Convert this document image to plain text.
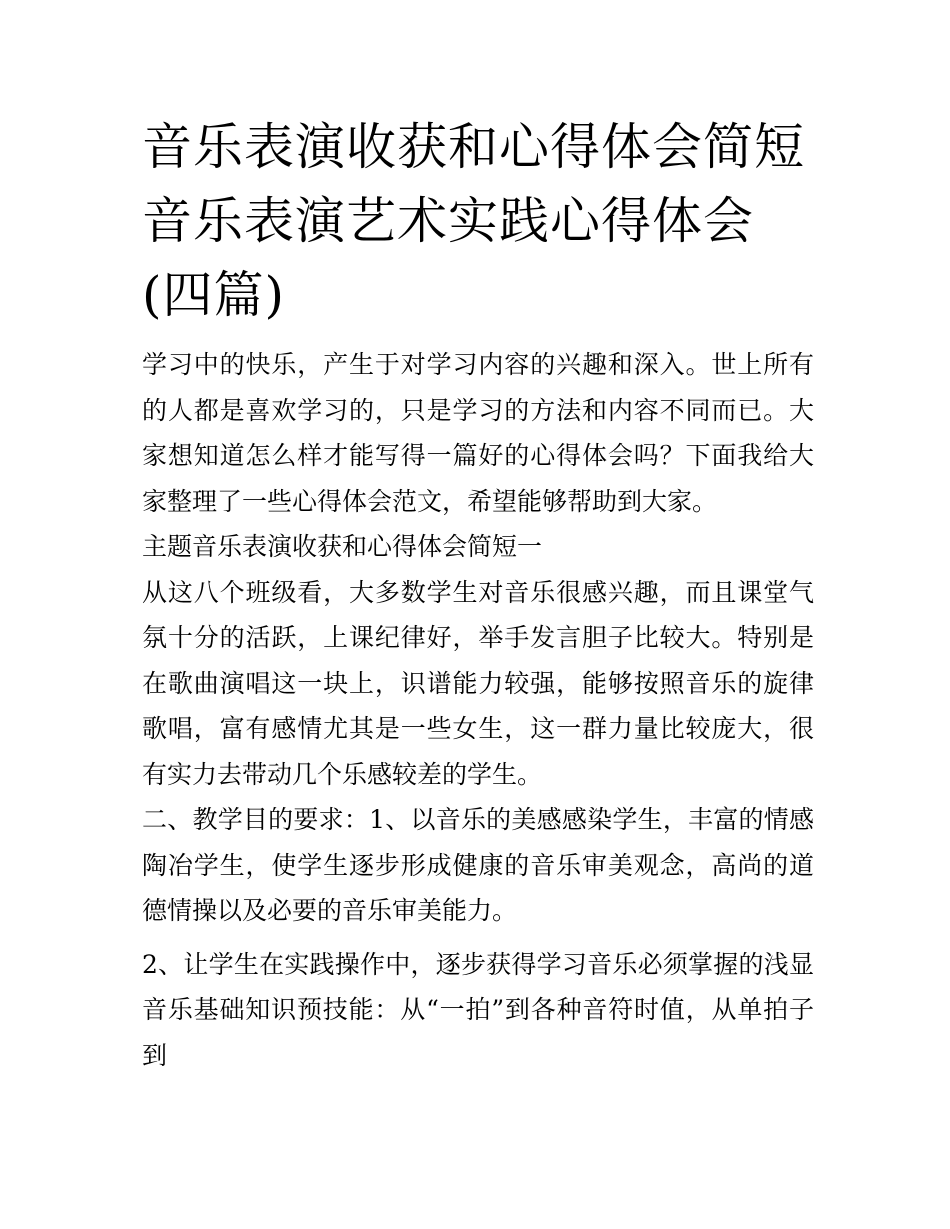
音乐表演收获和心得体会简短音乐表演艺术实践心得体会(四篇)

学习中的快乐，产生于对学习内容的兴趣和深入。世上所有的人都是喜欢学习的，只是学习的方法和内容不同而已。大家想知道怎么样才能写得一篇好的心得体会吗？下面我给大家整理了一些心得体会范文，希望能够帮助到大家。

主题音乐表演收获和心得体会简短一

从这八个班级看，大多数学生对音乐很感兴趣，而且课堂气氛十分的活跃，上课纪律好，举手发言胆子比较大。特别是在歌曲演唱这一块上，识谱能力较强，能够按照音乐的旋律歌唱，富有感情尤其是一些女生，这一群力量比较庞大，很有实力去带动几个乐感较差的学生。

二、教学目的要求：1、以音乐的美感感染学生，丰富的情感陶冶学生，使学生逐步形成健康的音乐审美观念，高尚的道德情操以及必要的音乐审美能力。

2、让学生在实践操作中，逐步获得学习音乐必须掌握的浅显音乐基础知识预技能：从“一拍”到各种音符时值，从单拍子到
